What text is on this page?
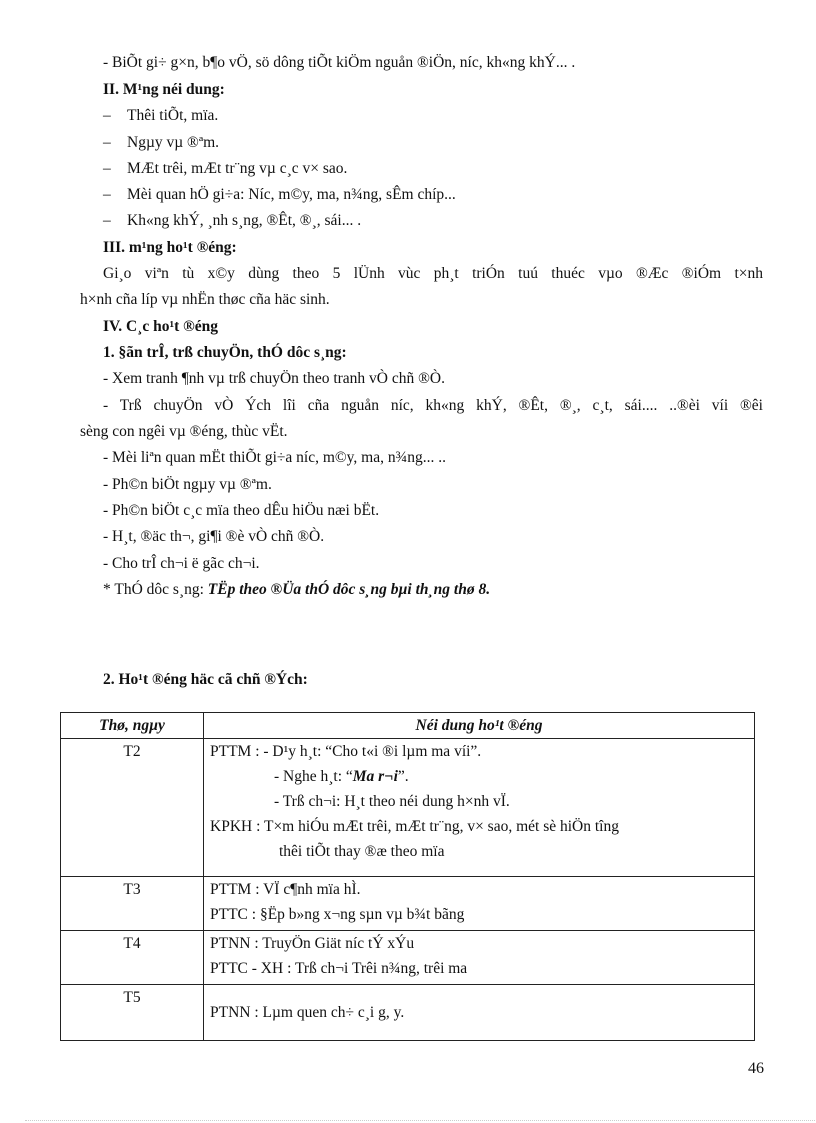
- BiÕt gi÷ g×n, b¶o vÖ, sö dông tiÕt kiÖm nguån ®iÖn, níc, kh«ng khÝ... .
II. M¹ng néi dung:
– Thêi tiÕt, mïa.
– Ngµy vµ ®ªm.
– MÆt trêi, mÆt tr¨ng vµ c¸c v× sao.
– Mèi quan hÖ gi÷a: Níc, m©y, ma, n¾ng, sÊm chíp...
– Kh«ng khÝ, ¸nh s¸ng, ®Êt, ®¸, sái... .
III. m¹ng ho¹t ®éng:
Gi¸o viªn tù x©y dùng theo 5 lÜnh vùc ph¸t triÓn tuú thuéc vµo ®Æc ®iÓm t×nh
h×nh cña líp vµ nhËn thøc cña häc sinh.
IV. C¸c ho¹t ®éng
1. §ãn trÎ, trß chuyÖn, thÓ dôc s¸ng:
- Xem tranh ¶nh vµ trß chuyÖn theo tranh vÒ chñ ®Ò.
- Trß chuyÖn vÒ Ých lîi cña nguån níc, kh«ng khÝ, ®Êt, ®¸, c¸t, sái.... ..®èi víi ®êi
sèng con ngêi vµ ®éng, thùc vËt.
- Mèi liªn quan mËt thiÕt gi÷a níc, m©y, ma, n¾ng... ..
- Ph©n biÖt ngµy vµ ®ªm.
- Ph©n biÖt c¸c mïa theo dÊu hiÖu næi bËt.
- H¸t, ®äc th¬, gi¶i ®è vÒ chñ ®Ò.
- Cho trÎ ch¬i ë gãc ch¬i.
* ThÓ dôc s¸ng: TËp theo ®Üa thÓ dôc s¸ng bµi th¸ng thø 8.
2. Ho¹t ®éng häc cã chñ ®Ých:
Thø, ngµy	Néi dung ho¹t ®éng
T2	PTTM : - D¹y h¸t: “Cho t«i ®i lµm ma víi”.
- Nghe h¸t: “Ma r¬i”.
- Trß ch¬i: H¸t theo néi dung h×nh vÏ.
KPKH : T×m hiÓu mÆt trêi, mÆt tr¨ng, v× sao, mét sè hiÖn tîng
thêi tiÕt thay ®æ theo mïa

T3	PTTM : VÏ c¶nh mïa hÌ.
PTTC : §Ëp b»ng x¬ng sµn vµ b¾t bãng

T4	PTNN : TruyÖn Giät níc tÝ xÝu
PTTC - XH : Trß ch¬i Trêi n¾ng, trêi ma

T5	PTNN : Lµm quen ch÷ c¸i g, y.
46
